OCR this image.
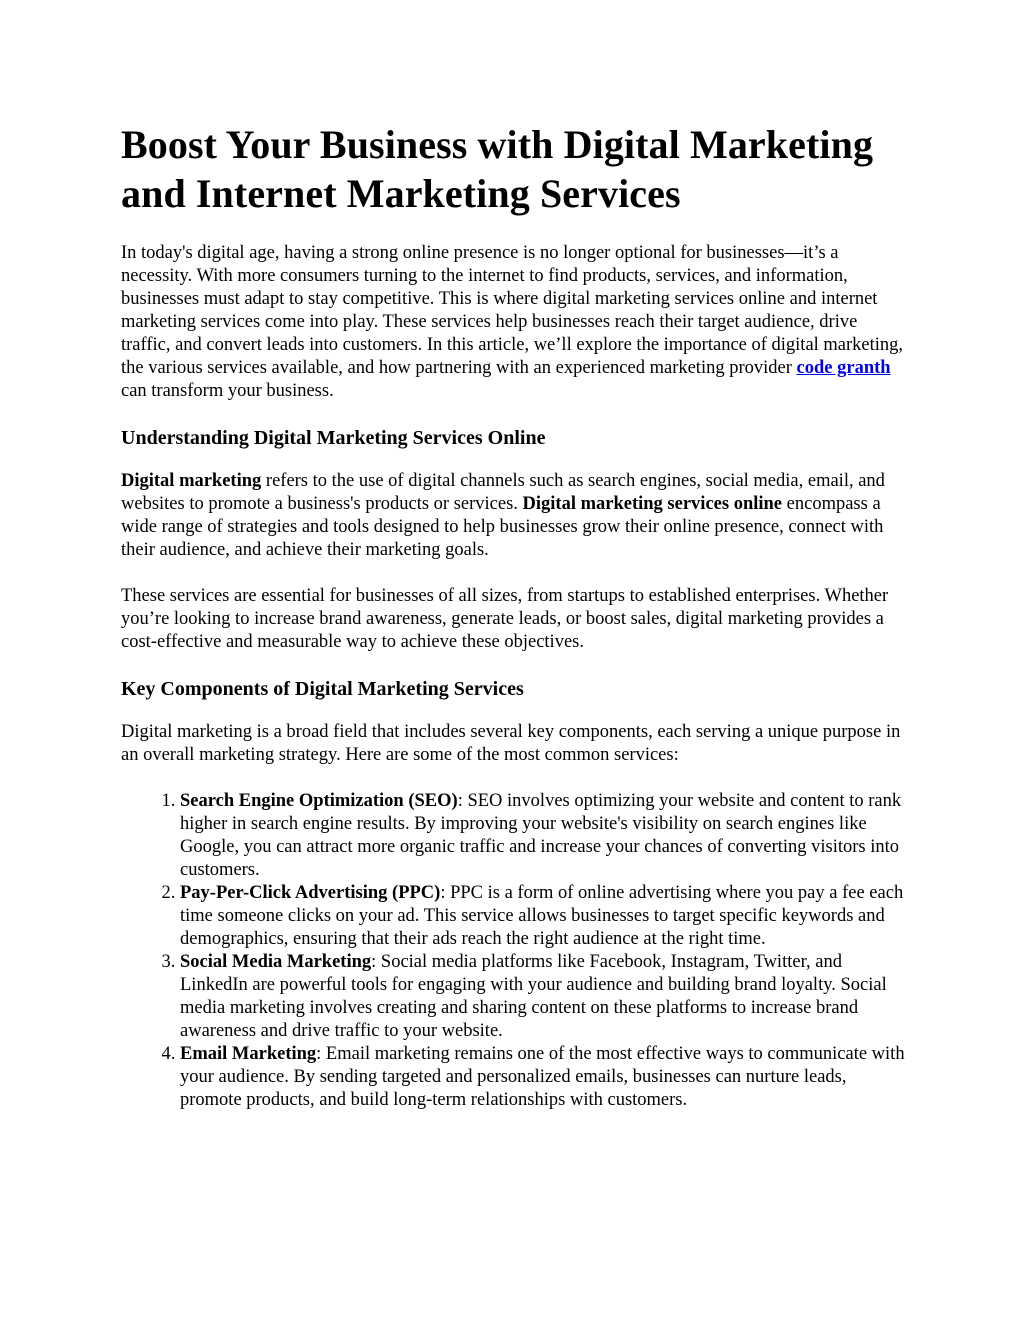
Boost Your Business with Digital Marketing and Internet Marketing Services

In today's digital age, having a strong online presence is no longer optional for businesses—it’s a necessity. With more consumers turning to the internet to find products, services, and information, businesses must adapt to stay competitive. This is where digital marketing services online and internet marketing services come into play. These services help businesses reach their target audience, drive traffic, and convert leads into customers. In this article, we’ll explore the importance of digital marketing, the various services available, and how partnering with an experienced marketing provider code granth can transform your business.

Understanding Digital Marketing Services Online

Digital marketing refers to the use of digital channels such as search engines, social media, email, and websites to promote a business's products or services. Digital marketing services online encompass a wide range of strategies and tools designed to help businesses grow their online presence, connect with their audience, and achieve their marketing goals.

These services are essential for businesses of all sizes, from startups to established enterprises. Whether you’re looking to increase brand awareness, generate leads, or boost sales, digital marketing provides a cost-effective and measurable way to achieve these objectives.

Key Components of Digital Marketing Services

Digital marketing is a broad field that includes several key components, each serving a unique purpose in an overall marketing strategy. Here are some of the most common services:

1. Search Engine Optimization (SEO): SEO involves optimizing your website and content to rank higher in search engine results. By improving your website's visibility on search engines like Google, you can attract more organic traffic and increase your chances of converting visitors into customers.
2. Pay-Per-Click Advertising (PPC): PPC is a form of online advertising where you pay a fee each time someone clicks on your ad. This service allows businesses to target specific keywords and demographics, ensuring that their ads reach the right audience at the right time.
3. Social Media Marketing: Social media platforms like Facebook, Instagram, Twitter, and LinkedIn are powerful tools for engaging with your audience and building brand loyalty. Social media marketing involves creating and sharing content on these platforms to increase brand awareness and drive traffic to your website.
4. Email Marketing: Email marketing remains one of the most effective ways to communicate with your audience. By sending targeted and personalized emails, businesses can nurture leads, promote products, and build long-term relationships with customers.
